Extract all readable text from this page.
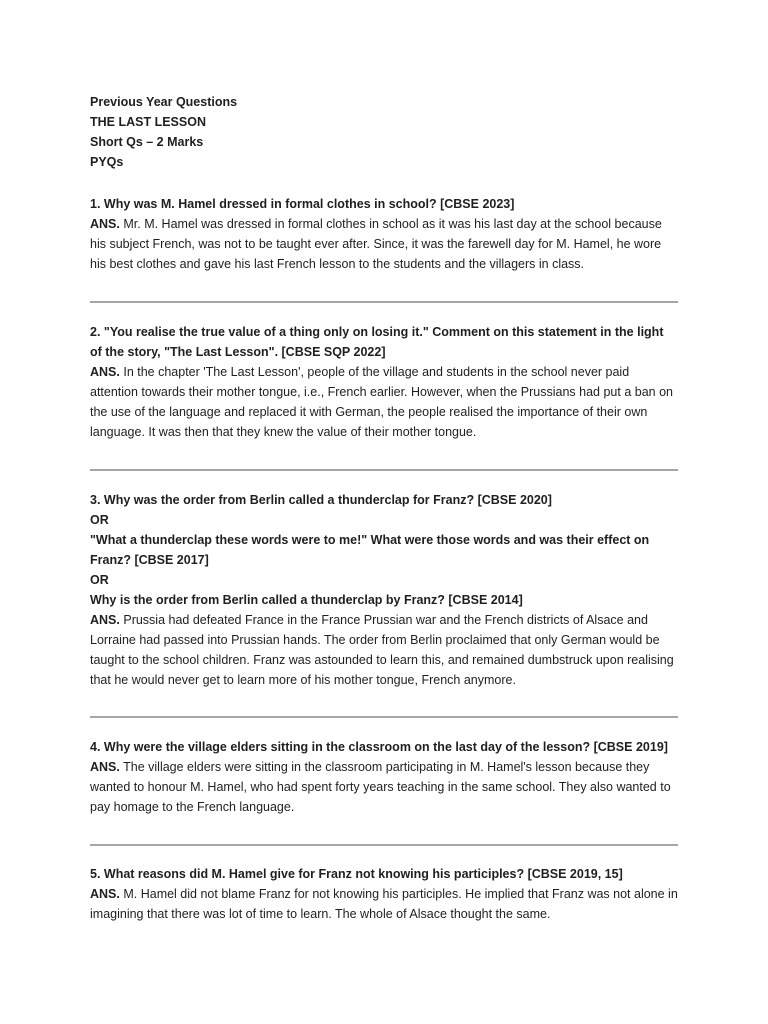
Previous Year Questions

THE LAST LESSON

Short Qs – 2 Marks

PYQs

1. Why was M. Hamel dressed in formal clothes in school? [CBSE 2023]

ANS. Mr. M. Hamel was dressed in formal clothes in school as it was his last day at the school because his subject French, was not to be taught ever after. Since, it was the farewell day for M. Hamel, he wore his best clothes and gave his last French lesson to the students and the villagers in class.

2. "You realise the true value of a thing only on losing it." Comment on this statement in the light of the story, "The Last Lesson". [CBSE SQP 2022]

ANS. In the chapter 'The Last Lesson', people of the village and students in the school never paid attention towards their mother tongue, i.e., French earlier. However, when the Prussians had put a ban on the use of the language and replaced it with German, the people realised the importance of their own language. It was then that they knew the value of their mother tongue.

3. Why was the order from Berlin called a thunderclap for Franz? [CBSE 2020]

OR

"What a thunderclap these words were to me!" What were those words and was their effect on Franz? [CBSE 2017]

OR

Why is the order from Berlin called a thunderclap by Franz? [CBSE 2014]

ANS. Prussia had defeated France in the France Prussian war and the French districts of Alsace and Lorraine had passed into Prussian hands. The order from Berlin proclaimed that only German would be taught to the school children. Franz was astounded to learn this, and remained dumbstruck upon realising that he would never get to learn more of his mother tongue, French anymore.

4. Why were the village elders sitting in the classroom on the last day of the lesson? [CBSE 2019]

ANS. The village elders were sitting in the classroom participating in M. Hamel's lesson because they wanted to honour M. Hamel, who had spent forty years teaching in the same school. They also wanted to pay homage to the French language.

5. What reasons did M. Hamel give for Franz not knowing his participles? [CBSE 2019, 15]

ANS. M. Hamel did not blame Franz for not knowing his participles. He implied that Franz was not alone in imagining that there was lot of time to learn. The whole of Alsace thought the same.
